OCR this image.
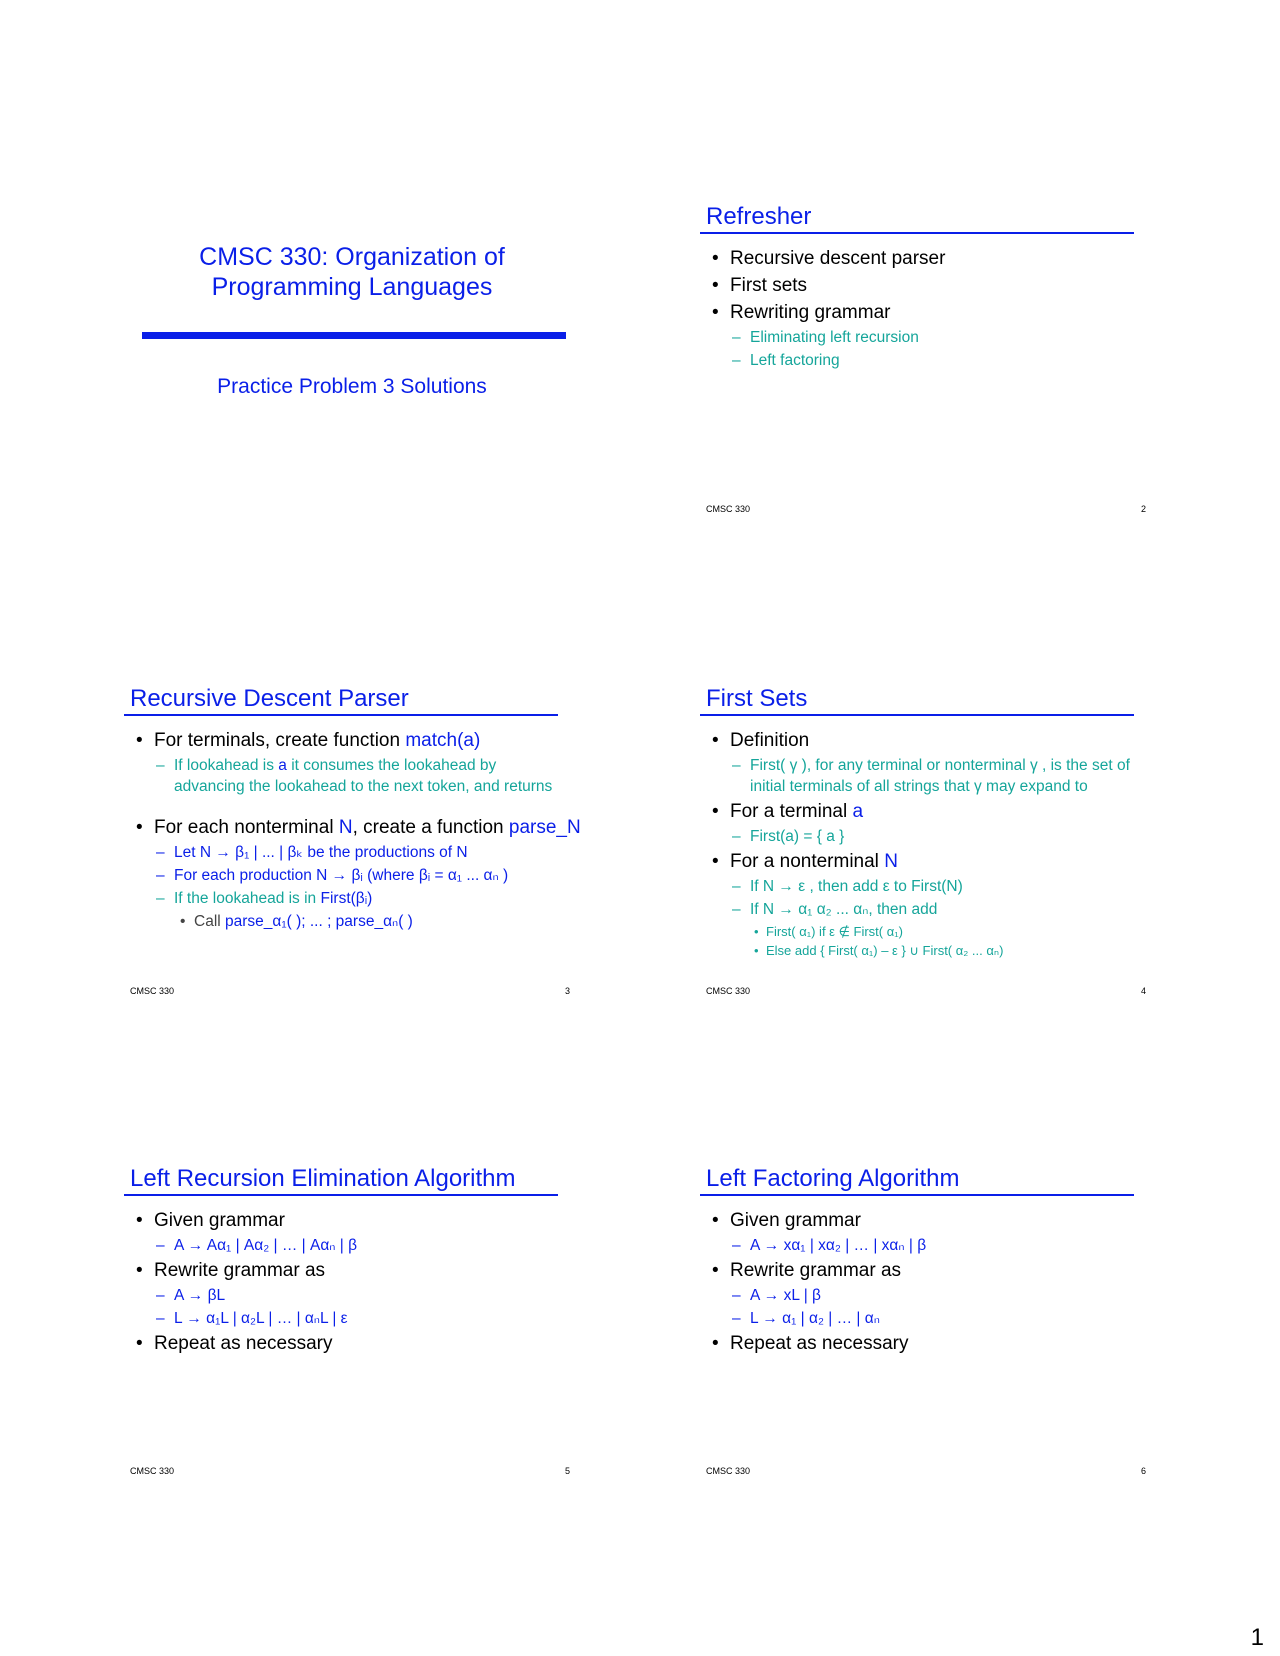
CMSC 330: Organization of
Programming Languages
Practice Problem 3 Solutions
Refresher
• Recursive descent parser
• First sets
• Rewriting grammar
– Eliminating left recursion
– Left factoring
CMSC 330	2
Recursive Descent Parser
• For terminals, create function match(a)
– If lookahead is a it consumes the lookahead by advancing the lookahead to the next token, and returns
• For each nonterminal N, create a function parse_N
– Let N → β₁ | ... | βₖ be the productions of N
– For each production N → βᵢ (where βᵢ = α₁ ... αₙ )
– If the lookahead is in First(βᵢ)
• Call parse_α₁( ); ... ; parse_αₙ( )
CMSC 330	3
First Sets
• Definition
– First( γ ), for any terminal or nonterminal γ , is the set of initial terminals of all strings that γ may expand to
• For a terminal a
– First(a) = { a }
• For a nonterminal N
– If N → ε , then add ε to First(N)
– If N → α₁ α₂ ... αₙ, then add
• First( α₁) if ε ∉ First( α₁)
• Else add { First( α₁) – ε } ∪ First( α₂ ... αₙ)
CMSC 330	4
Left Recursion Elimination Algorithm
• Given grammar
– A → Aα₁ | Aα₂ | … | Aαₙ | β
• Rewrite grammar as
– A → βL
– L → α₁L | α₂L | … | αₙL | ε
• Repeat as necessary
CMSC 330	5
Left Factoring Algorithm
• Given grammar
– A → xα₁ | xα₂ | … | xαₙ | β
• Rewrite grammar as
– A → xL | β
– L → α₁ | α₂ | … | αₙ
• Repeat as necessary
CMSC 330	6
1
